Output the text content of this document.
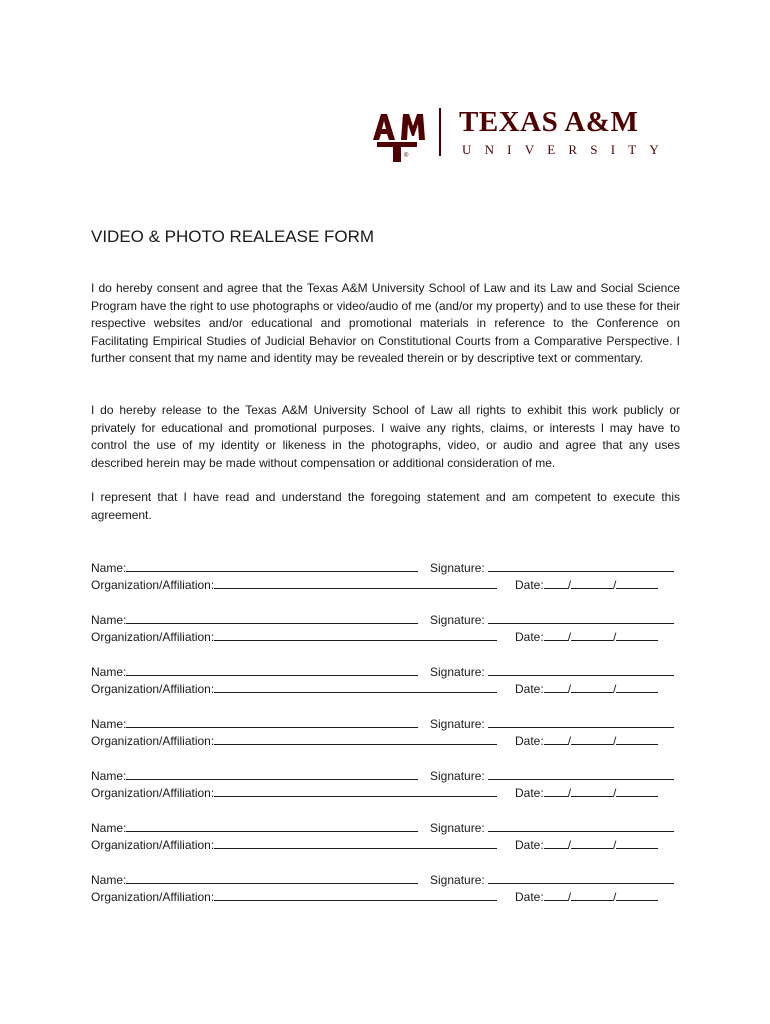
®
TEXAS A&M
UNIVERSITY
VIDEO & PHOTO REALEASE FORM
I do hereby consent and agree that the Texas A&M University School of Law and its Law and Social Science Program have the right to use photographs or video/audio of me (and/or my property) and to use these for their respective websites and/or educational and promotional materials in reference to the Conference on Facilitating Empirical Studies of Judicial Behavior on Constitutional Courts from a Comparative Perspective. I further consent that my name and identity may be revealed therein or by descriptive text or commentary.
I do hereby release to the Texas A&M University School of Law all rights to exhibit this work publicly or privately for educational and promotional purposes. I waive any rights, claims, or interests I may have to control the use of my identity or likeness in the photographs, video, or audio and agree that any uses described herein may be made without compensation or additional consideration of me.
I represent that I have read and understand the foregoing statement and am competent to execute this agreement.
Name:	Signature:
Organization/Affiliation:	Date: /	/
Name:	Signature:
Organization/Affiliation:	Date: /	/
Name:	Signature:
Organization/Affiliation:	Date: /	/
Name:	Signature:
Organization/Affiliation:	Date: /	/
Name:	Signature:
Organization/Affiliation:	Date: /	/
Name:	Signature:
Organization/Affiliation:	Date: /	/
Name:	Signature:
Organization/Affiliation:	Date: /	/
